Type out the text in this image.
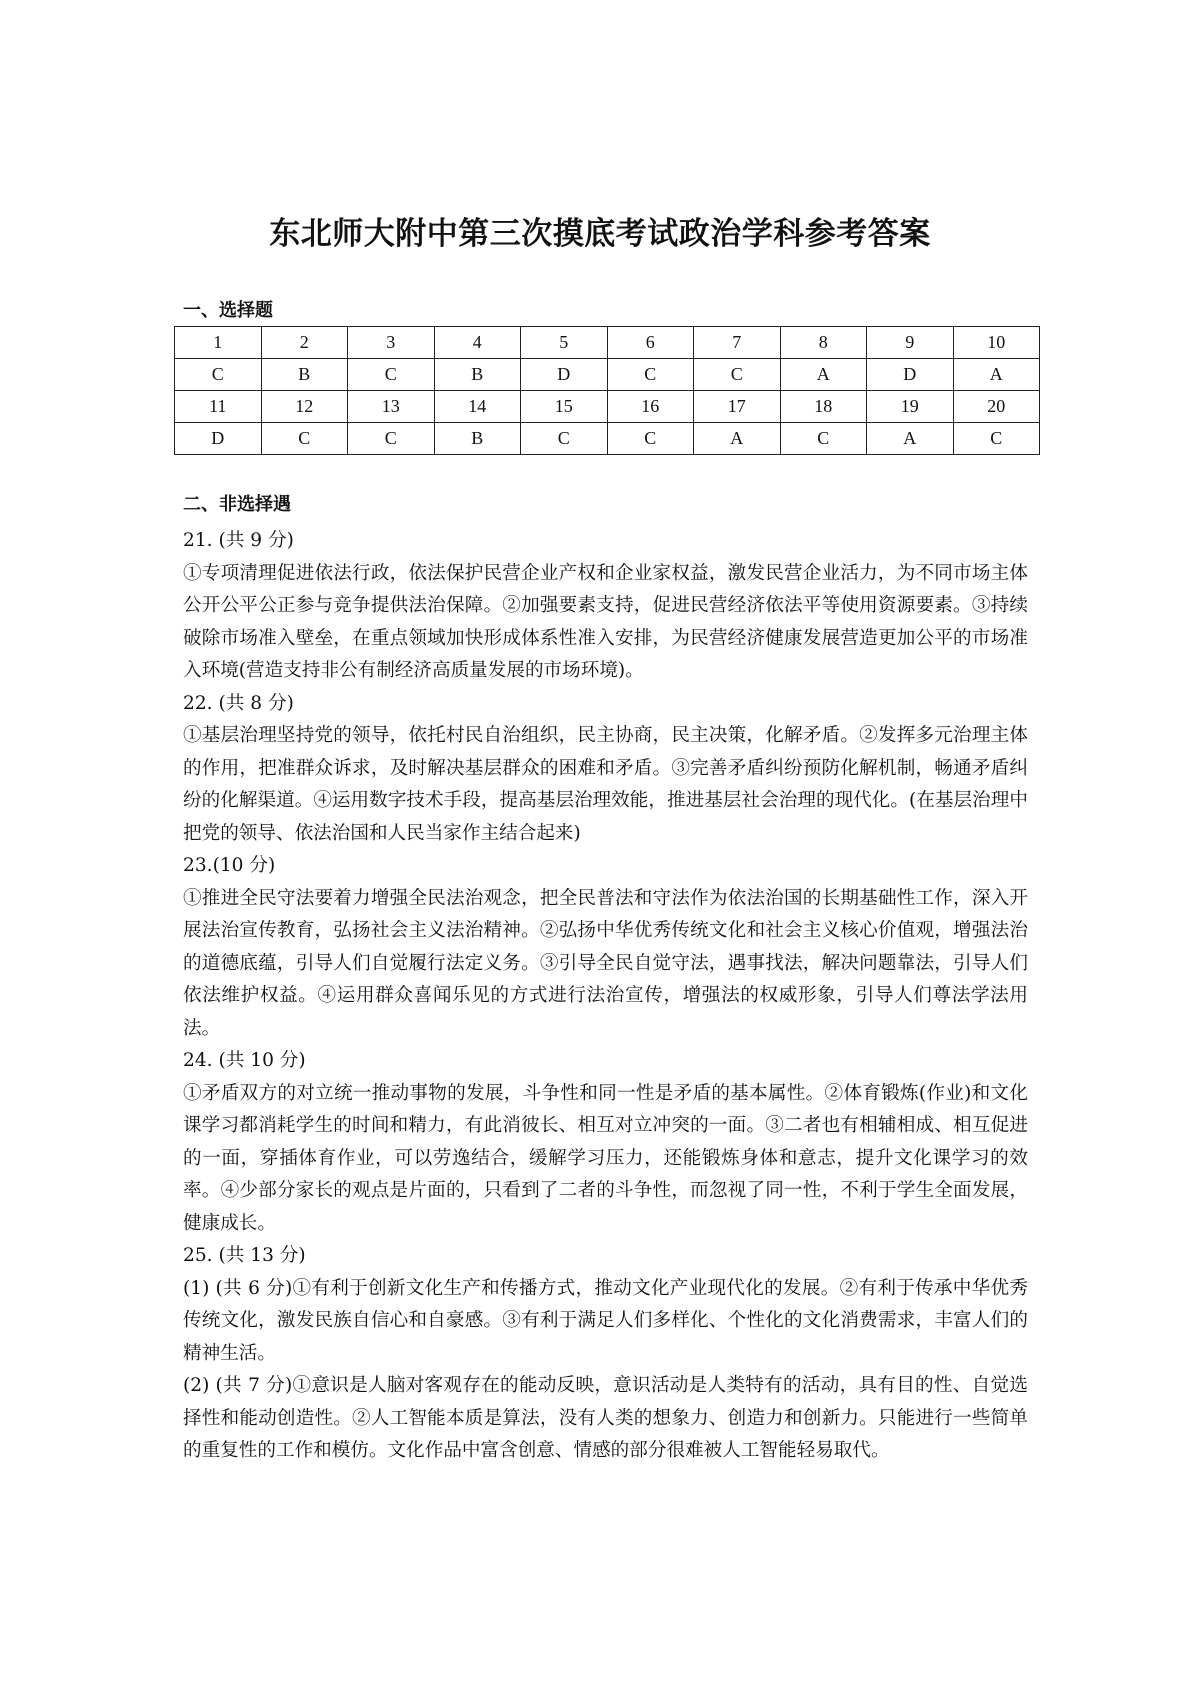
东北师大附中第三次摸底考试政治学科参考答案
一、选择题
1	2	3	4	5	6	7	8	9	10
C	B	C	B	D	C	C	A	D	A
11	12	13	14	15	16	17	18	19	20
D	C	C	B	C	C	A	C	A	C
二、非选择遇

21. (共 9 分)

①专项清理促进依法行政，依法保护民营企业产权和企业家权益，激发民营企业活力，为不同市场主体公开公平公正参与竞争提供法治保障。②加强要素支持，促进民营经济依法平等使用资源要素。③持续破除市场准入壁垒，在重点领域加快形成体系性准入安排，为民营经济健康发展营造更加公平的市场准入环境(营造支持非公有制经济高质量发展的市场环境)。

22. (共 8 分)

①基层治理坚持党的领导，依托村民自治组织，民主协商，民主决策，化解矛盾。②发挥多元治理主体的作用，把准群众诉求，及时解决基层群众的困难和矛盾。③完善矛盾纠纷预防化解机制，畅通矛盾纠纷的化解渠道。④运用数字技术手段，提高基层治理效能，推进基层社会治理的现代化。(在基层治理中把党的领导、依法治国和人民当家作主结合起来)

23.(10 分)

①推进全民守法要着力增强全民法治观念，把全民普法和守法作为依法治国的长期基础性工作，深入开展法治宣传教育，弘扬社会主义法治精神。②弘扬中华优秀传统文化和社会主义核心价值观，增强法治的道德底蕴，引导人们自觉履行法定义务。③引导全民自觉守法，遇事找法，解决问题靠法，引导人们依法维护权益。④运用群众喜闻乐见的方式进行法治宣传，增强法的权威形象，引导人们尊法学法用法。

24. (共 10 分)

①矛盾双方的对立统一推动事物的发展，斗争性和同一性是矛盾的基本属性。②体育锻炼(作业)和文化课学习都消耗学生的时间和精力，有此消彼长、相互对立冲突的一面。③二者也有相辅相成、相互促进的一面，穿插体育作业，可以劳逸结合，缓解学习压力，还能锻炼身体和意志，提升文化课学习的效率。④少部分家长的观点是片面的，只看到了二者的斗争性，而忽视了同一性，不利于学生全面发展，健康成长。

25. (共 13 分)

(1) (共 6 分)①有利于创新文化生产和传播方式，推动文化产业现代化的发展。②有利于传承中华优秀传统文化，激发民族自信心和自豪感。③有利于满足人们多样化、个性化的文化消费需求，丰富人们的精神生活。

(2) (共 7 分)①意识是人脑对客观存在的能动反映，意识活动是人类特有的活动，具有目的性、自觉选择性和能动创造性。②人工智能本质是算法，没有人类的想象力、创造力和创新力。只能进行一些简单的重复性的工作和模仿。文化作品中富含创意、情感的部分很难被人工智能轻易取代。
